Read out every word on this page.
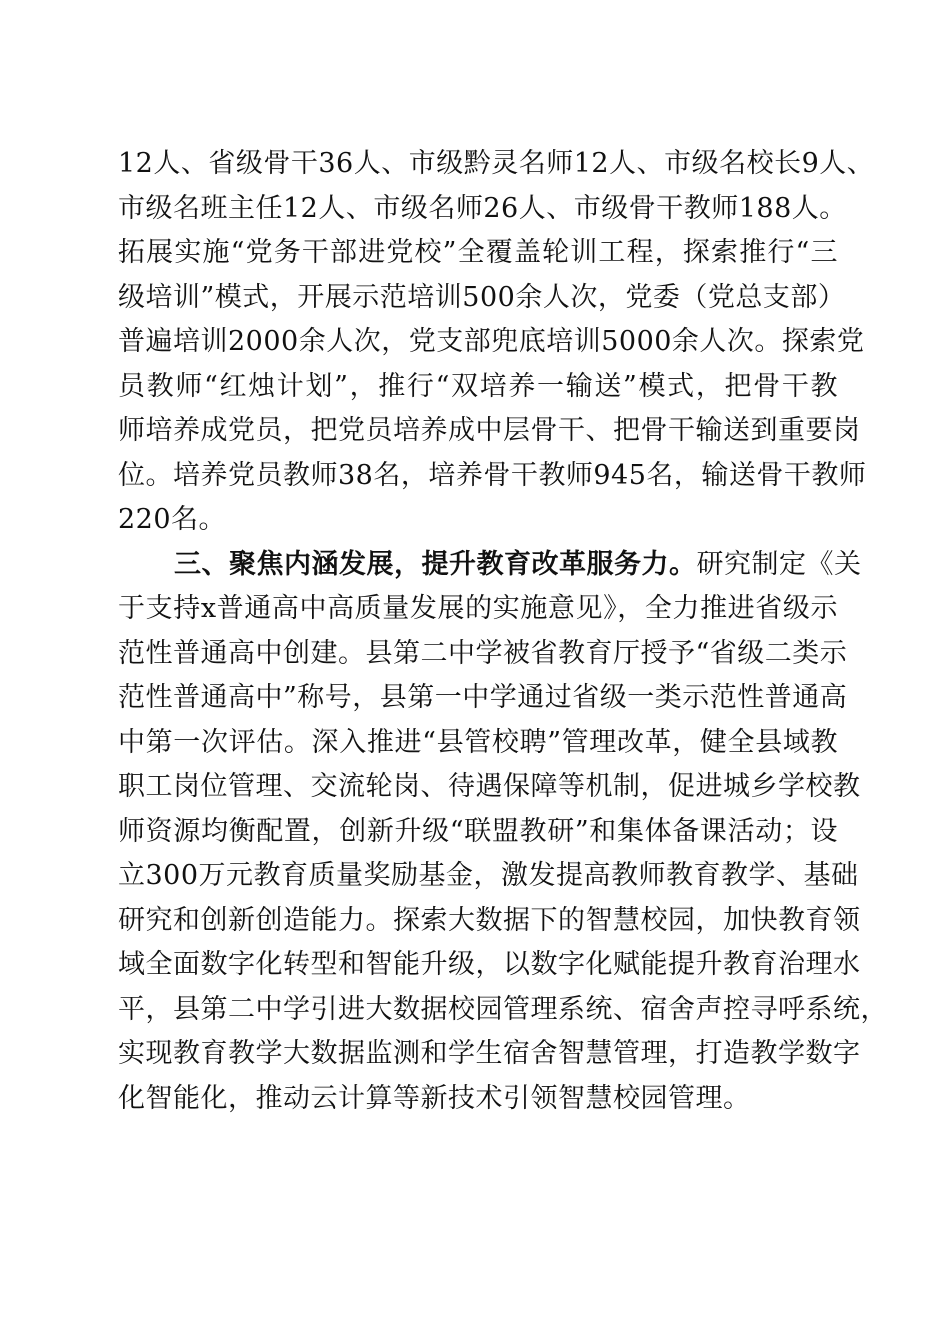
12人、省级骨干36人、市级黔灵名师12人、市级名校长9人、
市级名班主任12人、市级名师26人、市级骨干教师188人。
拓展实施“党务干部进党校”全覆盖轮训工程，探索推行“三
级培训”模式，开展示范培训500余人次，党委（党总支部）
普遍培训2000余人次，党支部兜底培训5000余人次。探索党
员教师“红烛计划”，推行“双培养一输送”模式，把骨干教
师培养成党员，把党员培养成中层骨干、把骨干输送到重要岗
位。培养党员教师38名，培养骨干教师945名，输送骨干教师
220名。
三、聚焦内涵发展，提升教育改革服务力。研究制定《关
于支持x普通高中高质量发展的实施意见》，全力推进省级示
范性普通高中创建。县第二中学被省教育厅授予“省级二类示
范性普通高中”称号，县第一中学通过省级一类示范性普通高
中第一次评估。深入推进“县管校聘”管理改革，健全县域教
职工岗位管理、交流轮岗、待遇保障等机制，促进城乡学校教
师资源均衡配置，创新升级“联盟教研”和集体备课活动；设
立300万元教育质量奖励基金，激发提高教师教育教学、基础
研究和创新创造能力。探索大数据下的智慧校园，加快教育领
域全面数字化转型和智能升级，以数字化赋能提升教育治理水
平，县第二中学引进大数据校园管理系统、宿舍声控寻呼系统，
实现教育教学大数据监测和学生宿舍智慧管理，打造教学数字
化智能化，推动云计算等新技术引领智慧校园管理。
